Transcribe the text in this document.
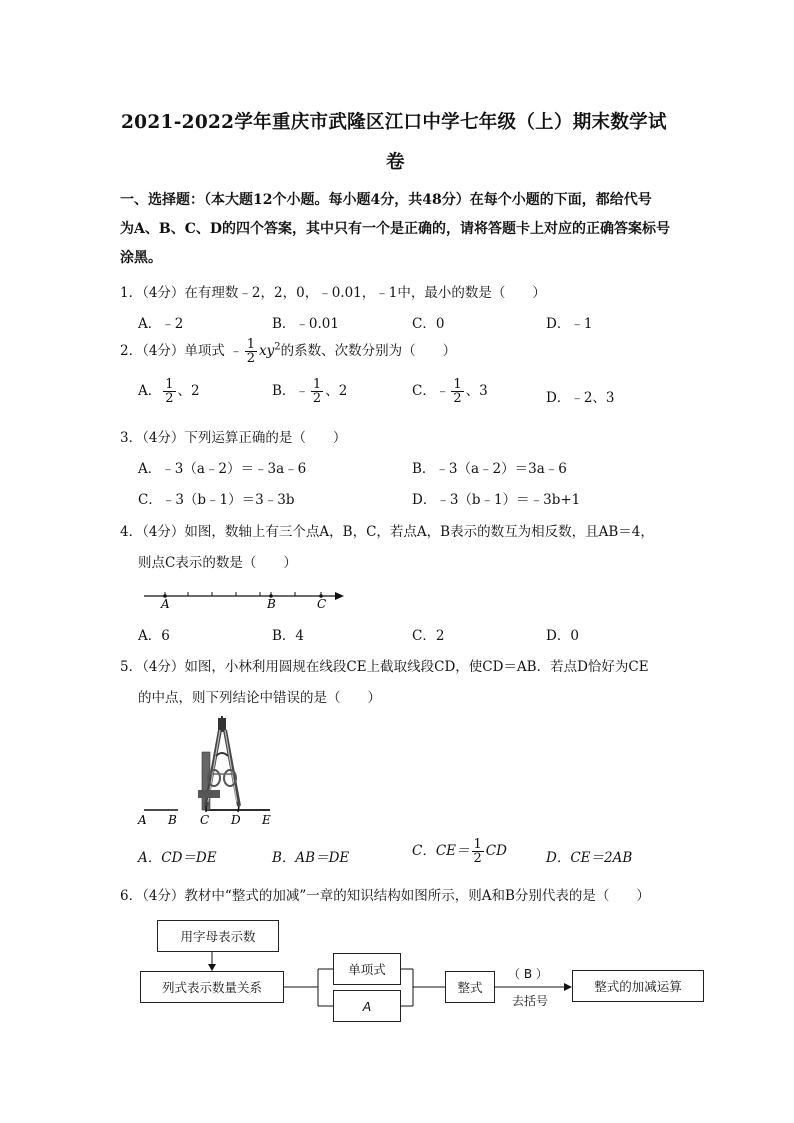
2021-2022学年重庆市武隆区江口中学七年级（上）期末数学试
卷
一、选择题：（本大题12个小题。每小题4分，共48分）在每个小题的下面，都给代号
为A、B、C、D的四个答案，其中只有一个是正确的，请将答题卡上对应的正确答案标号
涂黑。
1．（4分）在有理数﹣2，2，0，﹣0.01，﹣1中，最小的数是（　　）
A．﹣2	B．﹣0.01	C．0	D．﹣1
2．（4分）单项式 ﹣ $\frac{1}{2} xy^2$的系数、次数分别为（　　）
A． $\frac{1}{2}$ 、2	B．﹣ $\frac{1}{2}$ 、2	C．﹣ $\frac{1}{2}$ 、3	D．﹣2、3
3．（4分）下列运算正确的是（　　）
A．﹣3（a﹣2）＝﹣3a﹣6	B．﹣3（a﹣2）＝3a﹣6
C．﹣3（b﹣1）＝3﹣3b	D．﹣3（b﹣1）＝﹣3b+1
4．（4分）如图，数轴上有三个点A，B，C，若点A，B表示的数互为相反数，且AB＝4，
则点C表示的数是（　　）
A	B	C
A．6	B．4	C．2	D．0
5．（4分）如图，小林利用圆规在线段CE上截取线段CD，使CD＝AB．若点D恰好为CE
的中点，则下列结论中错误的是（　　）
A B C D E
A．CD＝DE	B．AB＝DE	C．$CE= \frac{1}{2}$ CD	D．CE＝2AB
6．（4分）教材中“整式的加减”一章的知识结构如图所示，则A和B分别代表的是（　　）
用字母表示数
列式表示数量关系
单项式
A
整式	整式的加减运算
（ B ）
去括号
